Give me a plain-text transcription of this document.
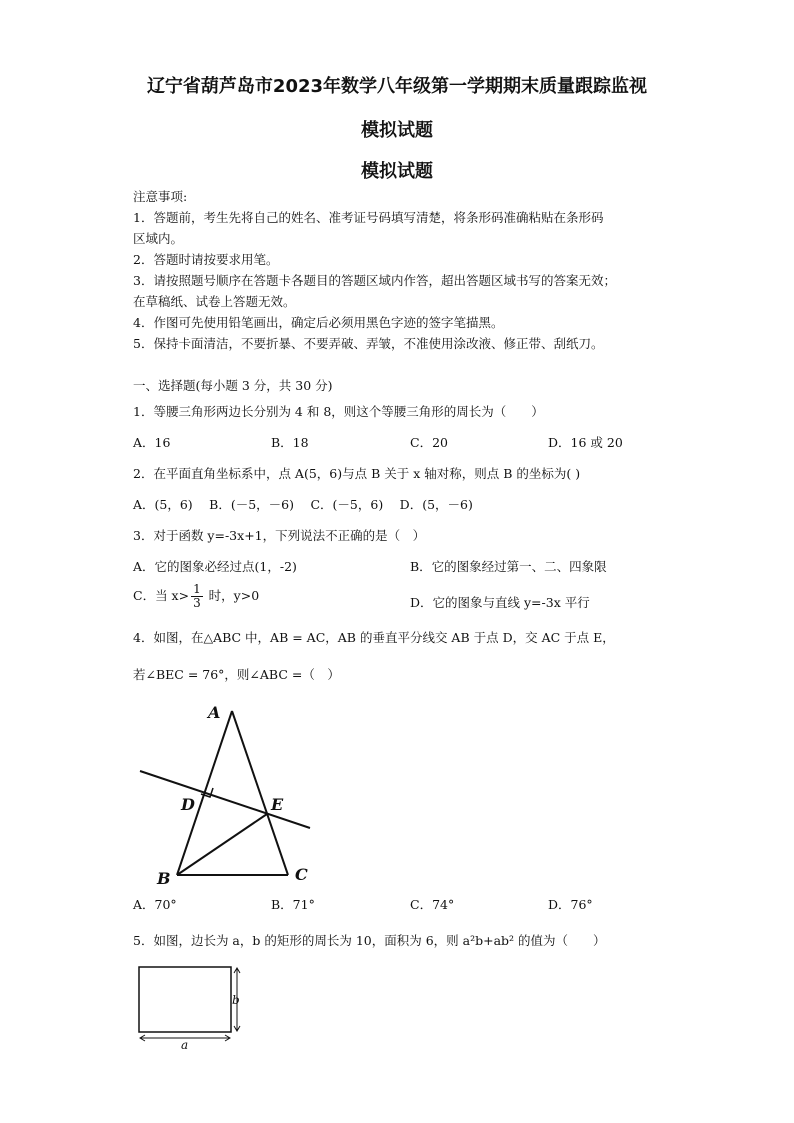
辽宁省葫芦岛市2023年数学八年级第一学期期末质量跟踪监视
模拟试题
模拟试题
注意事项:
1．答题前，考生先将自己的姓名、准考证号码填写清楚，将条形码准确粘贴在条形码
区域内。
2．答题时请按要求用笔。
3．请按照题号顺序在答题卡各题目的答题区域内作答，超出答题区域书写的答案无效；
在草稿纸、试卷上答题无效。
4．作图可先使用铅笔画出，确定后必须用黑色字迹的签字笔描黑。
5．保持卡面清洁，不要折暴、不要弄破、弄皱，不准使用涂改液、修正带、刮纸刀。
一、选择题(每小题 3 分，共 30 分)
1．等腰三角形两边长分别为 4 和 8，则这个等腰三角形的周长为（　　）
A．16	B．18	C．20	D．16 或 20
2．在平面直角坐标系中，点 A(5，6)与点 B 关于 x 轴对称，则点 B 的坐标为( )
A．(5，6)　 B．(－5，－6)　 C．(－5，6)　 D．(5，－6)
3．对于函数 y=-3x+1，下列说法不正确的是（　）
A．它的图象必经过点(1，-2)	B．它的图象经过第一、二、四象限
C．当 $x> \frac{1}{3}$ 时，y>0	D．它的图象与直线 y=-3x 平行
4．如图，在△ABC 中，AB = AC，AB 的垂直平分线交 AB 于点 D，交 AC 于点 E，
若∠BEC = 76°，则∠ABC =（　）
A
D	E
B	C
A．70°	B．71°	C．74°	D．76°
5．如图，边长为 a，b 的矩形的周长为 10，面积为 6，则 a²b+ab² 的值为（　　）
b
a
